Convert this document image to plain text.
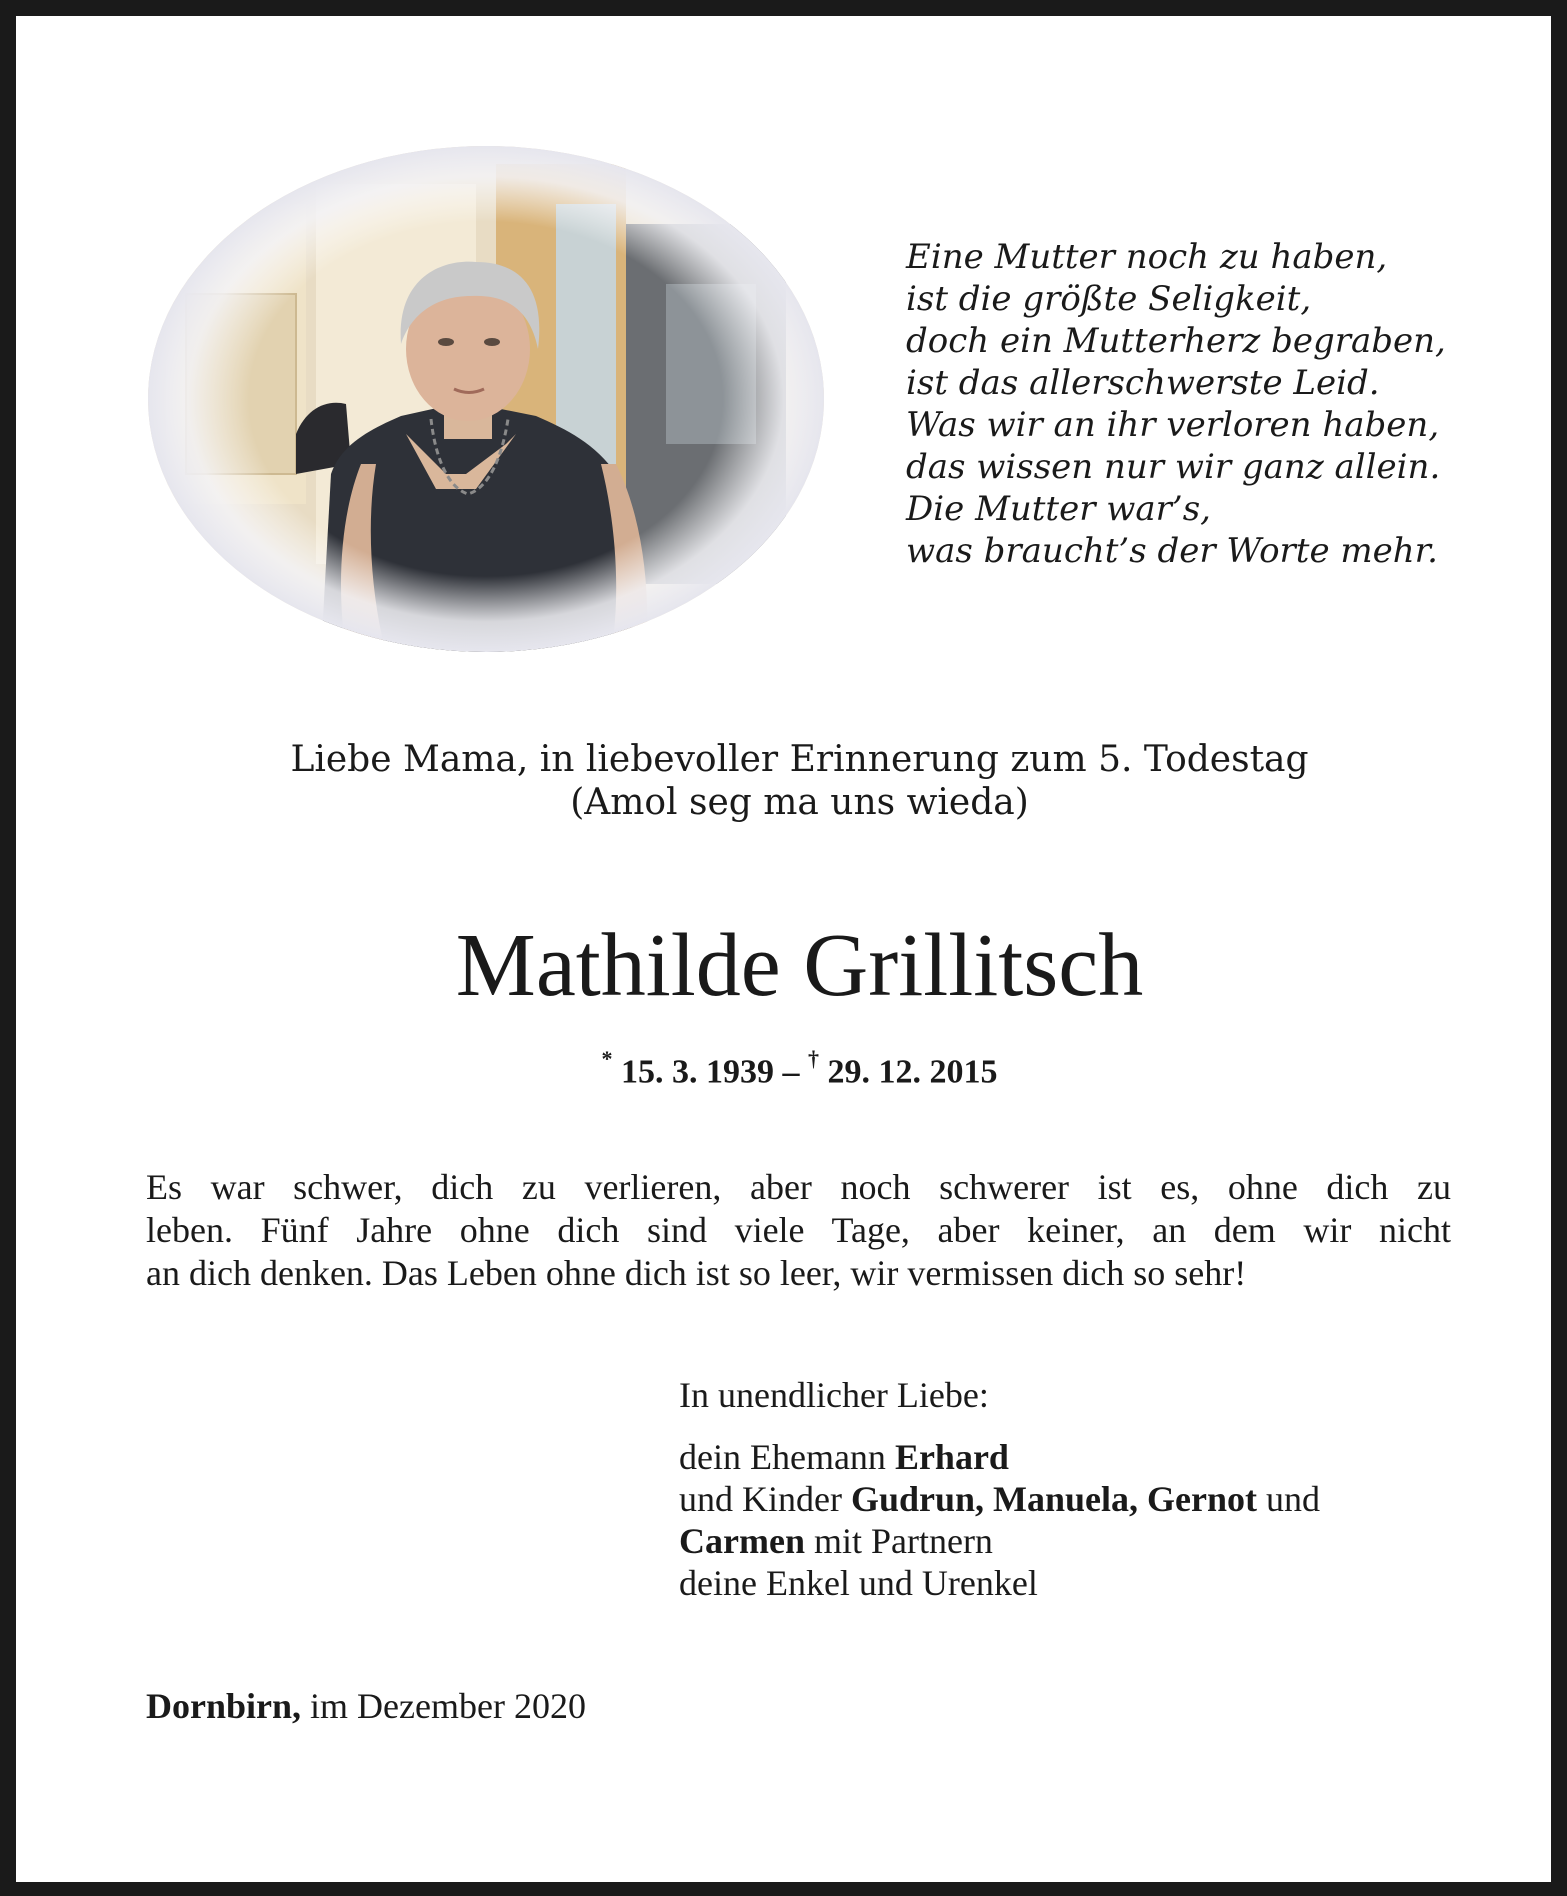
Eine Mutter noch zu haben,
ist die größte Seligkeit,
doch ein Mutterherz begraben,
ist das allerschwerste Leid.
Was wir an ihr verloren haben,
das wissen nur wir ganz allein.
Die Mutter war’s,
was braucht’s der Worte mehr.
Liebe Mama, in liebevoller Erinnerung zum 5. Todestag
(Amol seg ma uns wieda)
Mathilde Grillitsch
* 15. 3. 1939 – † 29. 12. 2015
Es war schwer, dich zu verlieren, aber noch schwerer ist es, ohne dich zu
leben. Fünf Jahre ohne dich sind viele Tage, aber keiner, an dem wir nicht
an dich denken. Das Leben ohne dich ist so leer, wir vermissen dich so sehr!
In unendlicher Liebe:
dein Ehemann Erhard
und Kinder Gudrun, Manuela, Gernot und
Carmen mit Partnern
deine Enkel und Urenkel
Dornbirn, im Dezember 2020
